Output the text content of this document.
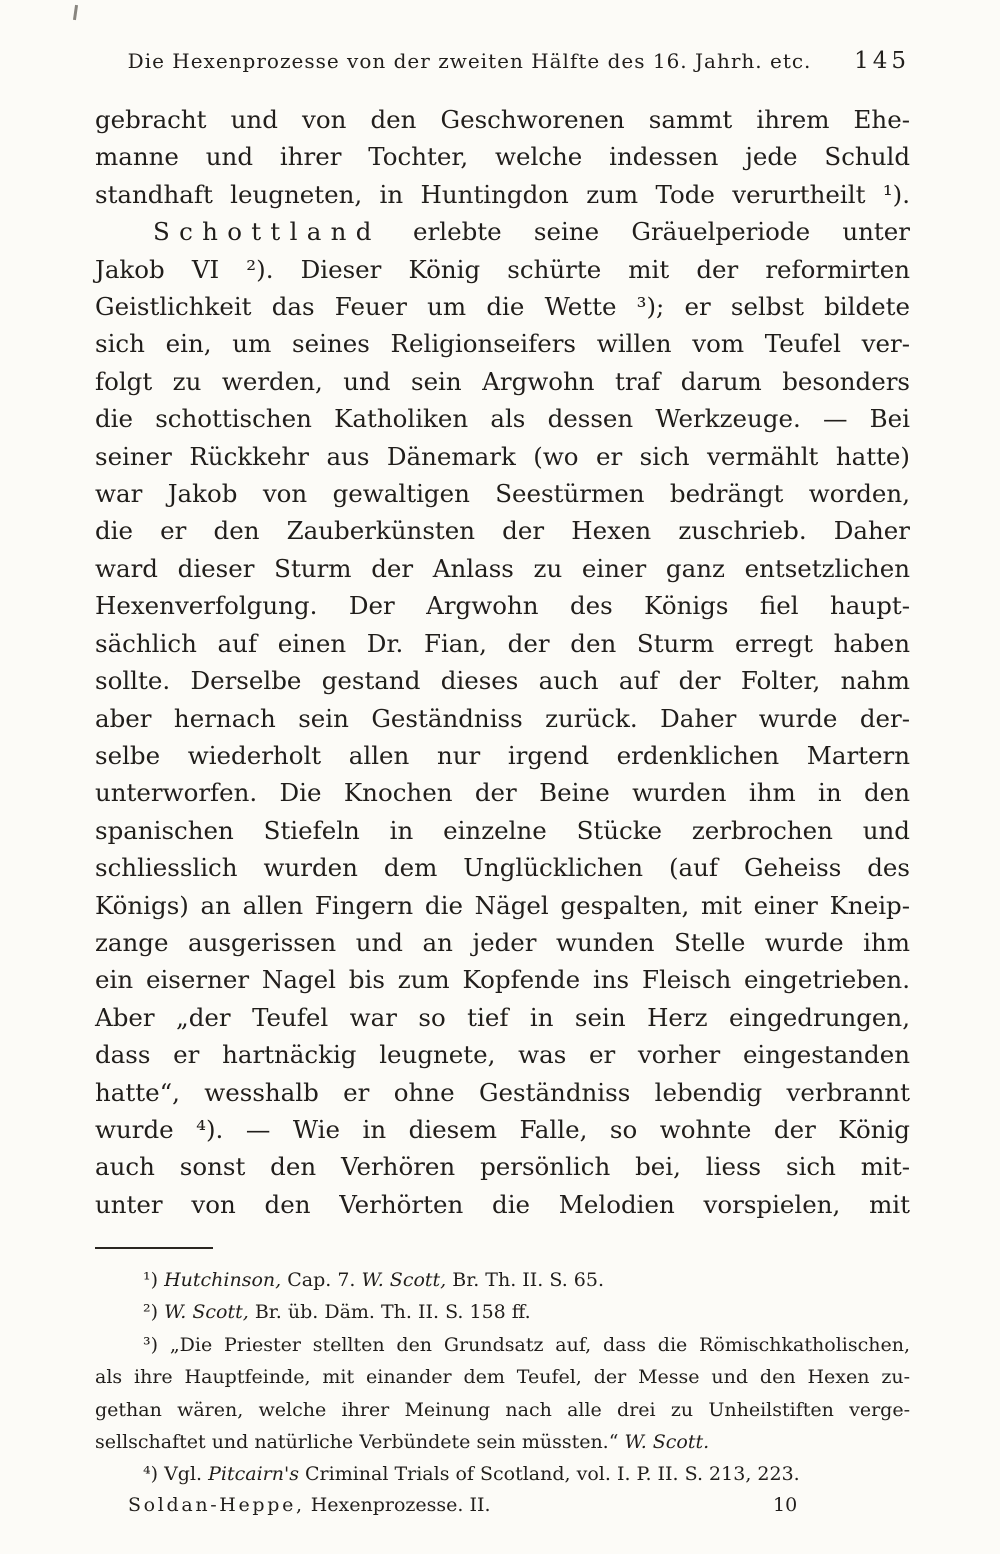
Die Hexenprozesse von der zweiten Hälfte des 16. Jahrh. etc.	145
gebracht und von den Geschworenen sammt ihrem Ehe-
manne und ihrer Tochter, welche indessen jede Schuld
standhaft leugneten, in Huntingdon zum Tode verurtheilt ¹).
Schottland erlebte seine Gräuelperiode unter
Jakob VI ²). Dieser König schürte mit der reformirten
Geistlichkeit das Feuer um die Wette ³); er selbst bildete
sich ein, um seines Religionseifers willen vom Teufel ver-
folgt zu werden, und sein Argwohn traf darum besonders
die schottischen Katholiken als dessen Werkzeuge. — Bei
seiner Rückkehr aus Dänemark (wo er sich vermählt hatte)
war Jakob von gewaltigen Seestürmen bedrängt worden,
die er den Zauberkünsten der Hexen zuschrieb. Daher
ward dieser Sturm der Anlass zu einer ganz entsetzlichen
Hexenverfolgung. Der Argwohn des Königs fiel haupt-
sächlich auf einen Dr. Fian, der den Sturm erregt haben
sollte. Derselbe gestand dieses auch auf der Folter, nahm
aber hernach sein Geständniss zurück. Daher wurde der-
selbe wiederholt allen nur irgend erdenklichen Martern
unterworfen. Die Knochen der Beine wurden ihm in den
spanischen Stiefeln in einzelne Stücke zerbrochen und
schliesslich wurden dem Unglücklichen (auf Geheiss des
Königs) an allen Fingern die Nägel gespalten, mit einer Kneip-
zange ausgerissen und an jeder wunden Stelle wurde ihm
ein eiserner Nagel bis zum Kopfende ins Fleisch eingetrieben.
Aber „der Teufel war so tief in sein Herz eingedrungen,
dass er hartnäckig leugnete, was er vorher eingestanden
hatte“, wesshalb er ohne Geständniss lebendig verbrannt
wurde ⁴). — Wie in diesem Falle, so wohnte der König
auch sonst den Verhören persönlich bei, liess sich mit-
unter von den Verhörten die Melodien vorspielen, mit
¹) Hutchinson, Cap. 7. W. Scott, Br. Th. II. S. 65.
²) W. Scott, Br. üb. Däm. Th. II. S. 158 ff.
³) „Die Priester stellten den Grundsatz auf, dass die Römischkatholischen,
als ihre Hauptfeinde, mit einander dem Teufel, der Messe und den Hexen zu-
gethan wären, welche ihrer Meinung nach alle drei zu Unheilstiften verge-
sellschaftet und natürliche Verbündete sein müssten.“ W. Scott.
⁴) Vgl. Pitcairn's Criminal Trials of Scotland, vol. I. P. II. S. 213, 223.
Soldan-Heppe, Hexenprozesse. II.	10
